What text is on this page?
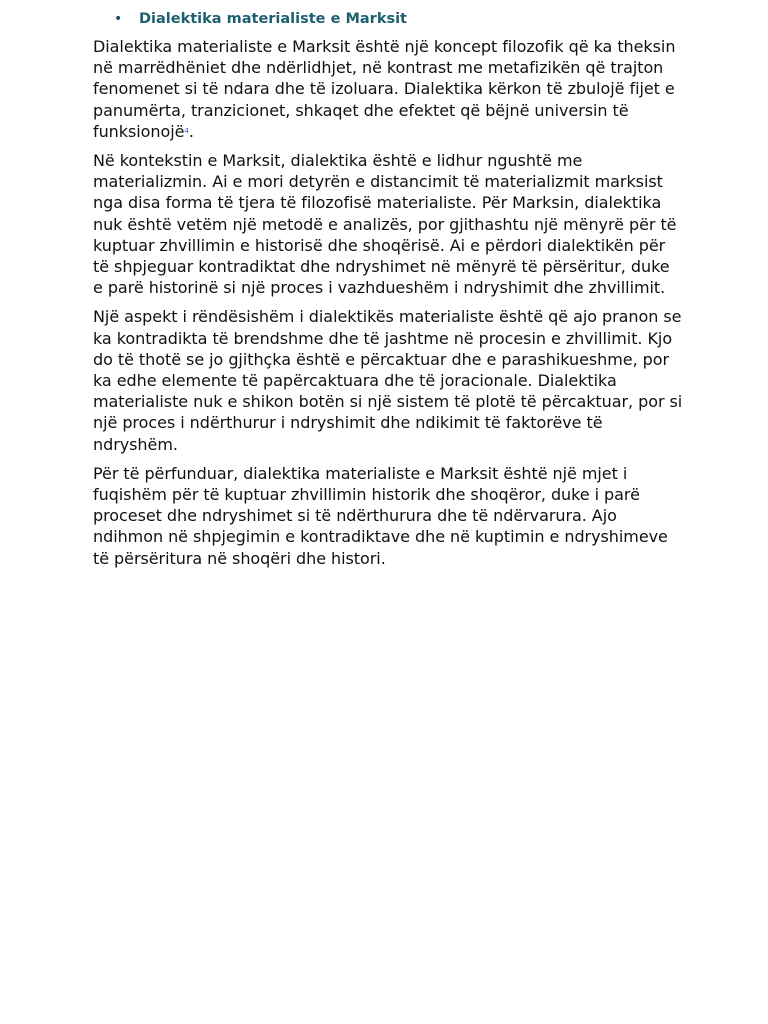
•	Dialektika materialiste e Marksit

Dialektika materialiste e Marksit është një koncept filozofik që ka theksin në marrëdhëniet dhe ndërlidhjet, në kontrast me metafizikën që trajton fenomenet si të ndara dhe të izoluara. Dialektika kërkon të zbulojë fijet e panumërta, tranzicionet, shkaqet dhe efektet që bëjnë universin të funksionojë$^4$.

Në kontekstin e Marksit, dialektika është e lidhur ngushtë me materializmin. Ai e mori detyrën e distancimit të materializmit marksist nga disa forma të tjera të filozofisë materialiste. Për Marksin, dialektika nuk është vetëm një metodë e analizës, por gjithashtu një mënyrë për të kuptuar zhvillimin e historisë dhe shoqërisë. Ai e përdori dialektikën për të shpjeguar kontradiktat dhe ndryshimet në mënyrë të përsëritur, duke e parë historinë si një proces i vazhdueshëm i ndryshimit dhe zhvillimit.

Një aspekt i rëndësishëm i dialektikës materialiste është që ajo pranon se ka kontradikta të brendshme dhe të jashtme në procesin e zhvillimit. Kjo do të thotë se jo gjithçka është e përcaktuar dhe e parashikueshme, por ka edhe elemente të papërcaktuara dhe të joracionale. Dialektika materialiste nuk e shikon botën si një sistem të plotë të përcaktuar, por si një proces i ndërthurur i ndryshimit dhe ndikimit të faktorëve të ndryshëm.

Për të përfunduar, dialektika materialiste e Marksit është një mjet i fuqishëm për të kuptuar zhvillimin historik dhe shoqëror, duke i parë proceset dhe ndryshimet si të ndërthurura dhe të ndërvarura. Ajo ndihmon në shpjegimin e kontradiktave dhe në kuptimin e ndryshimeve të përsëritura në shoqëri dhe histori.
